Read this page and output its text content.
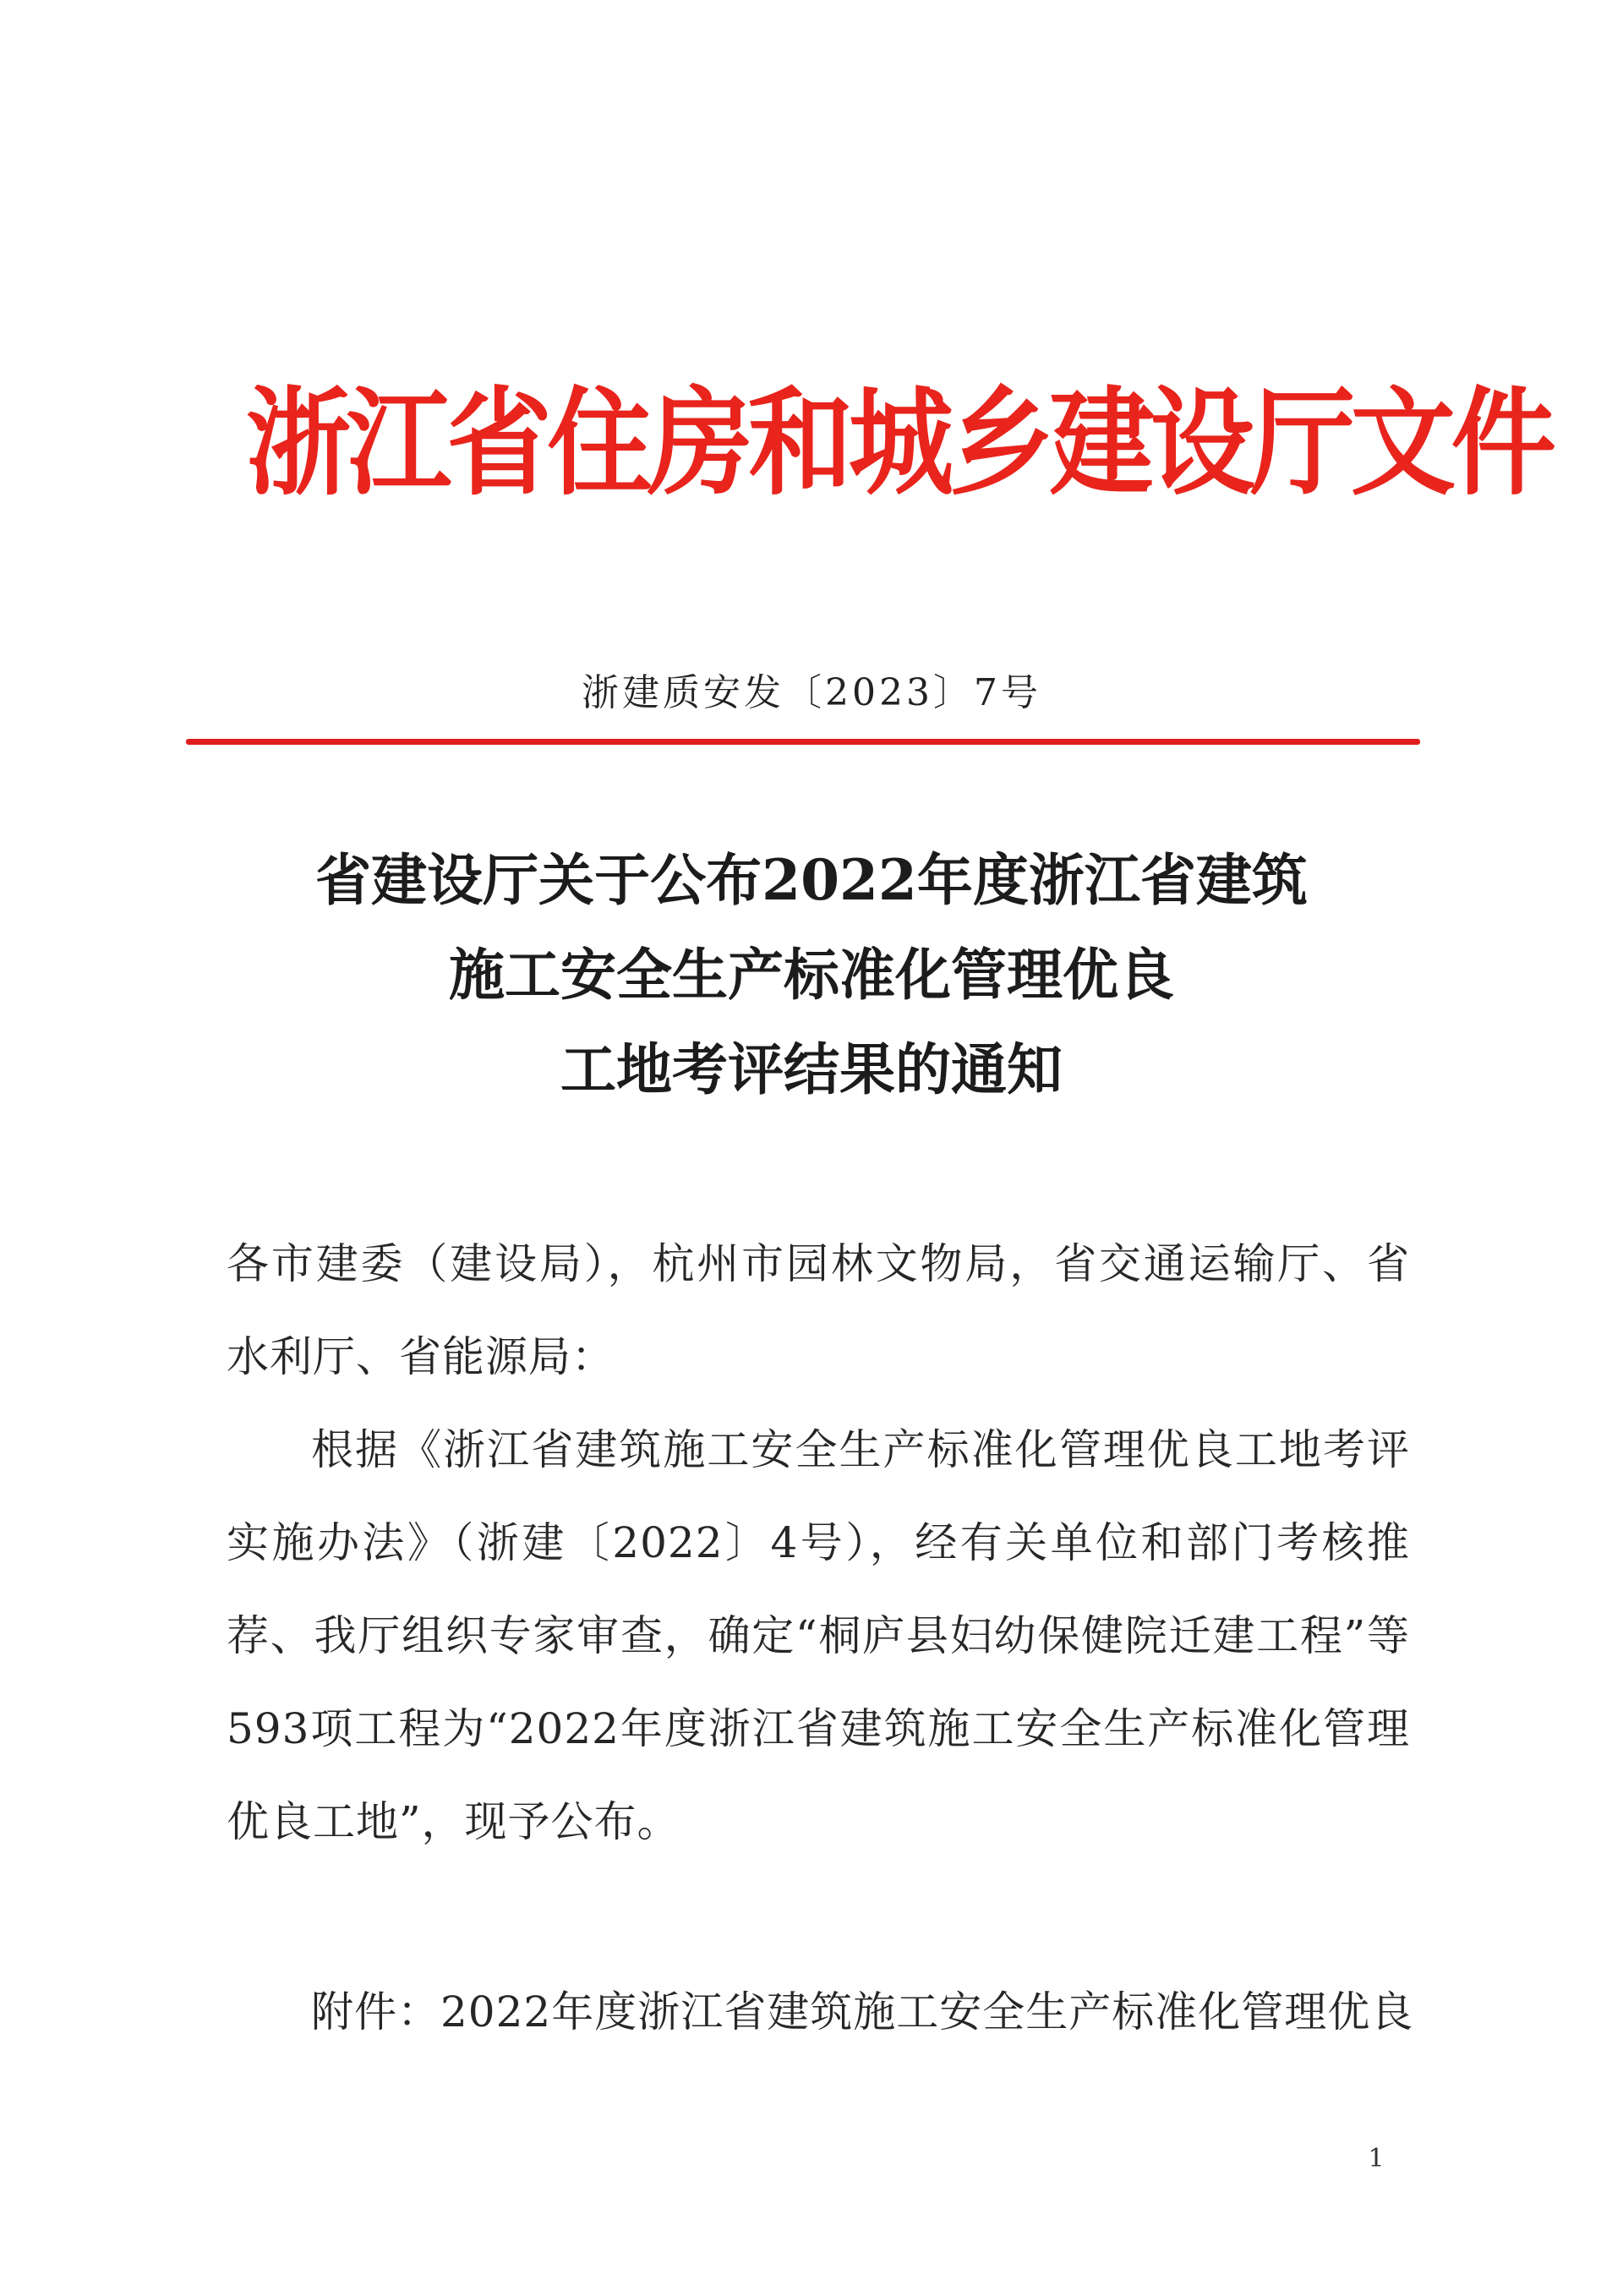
浙江省住房和城乡建设厅文件
浙建质安发〔2023〕7号
省建设厅关于公布2022年度浙江省建筑
施工安全生产标准化管理优良
工地考评结果的通知

各市建委（建设局），杭州市园林文物局，省交通运输厅、省水利厅、省能源局：

根据《浙江省建筑施工安全生产标准化管理优良工地考评实施办法》（浙建〔2022〕4号），经有关单位和部门考核推荐、我厅组织专家审查，确定“桐庐县妇幼保健院迁建工程”等593项工程为“2022年度浙江省建筑施工安全生产标准化管理优良工地”，现予公布。

附件：2022年度浙江省建筑施工安全生产标准化管理优良
1
